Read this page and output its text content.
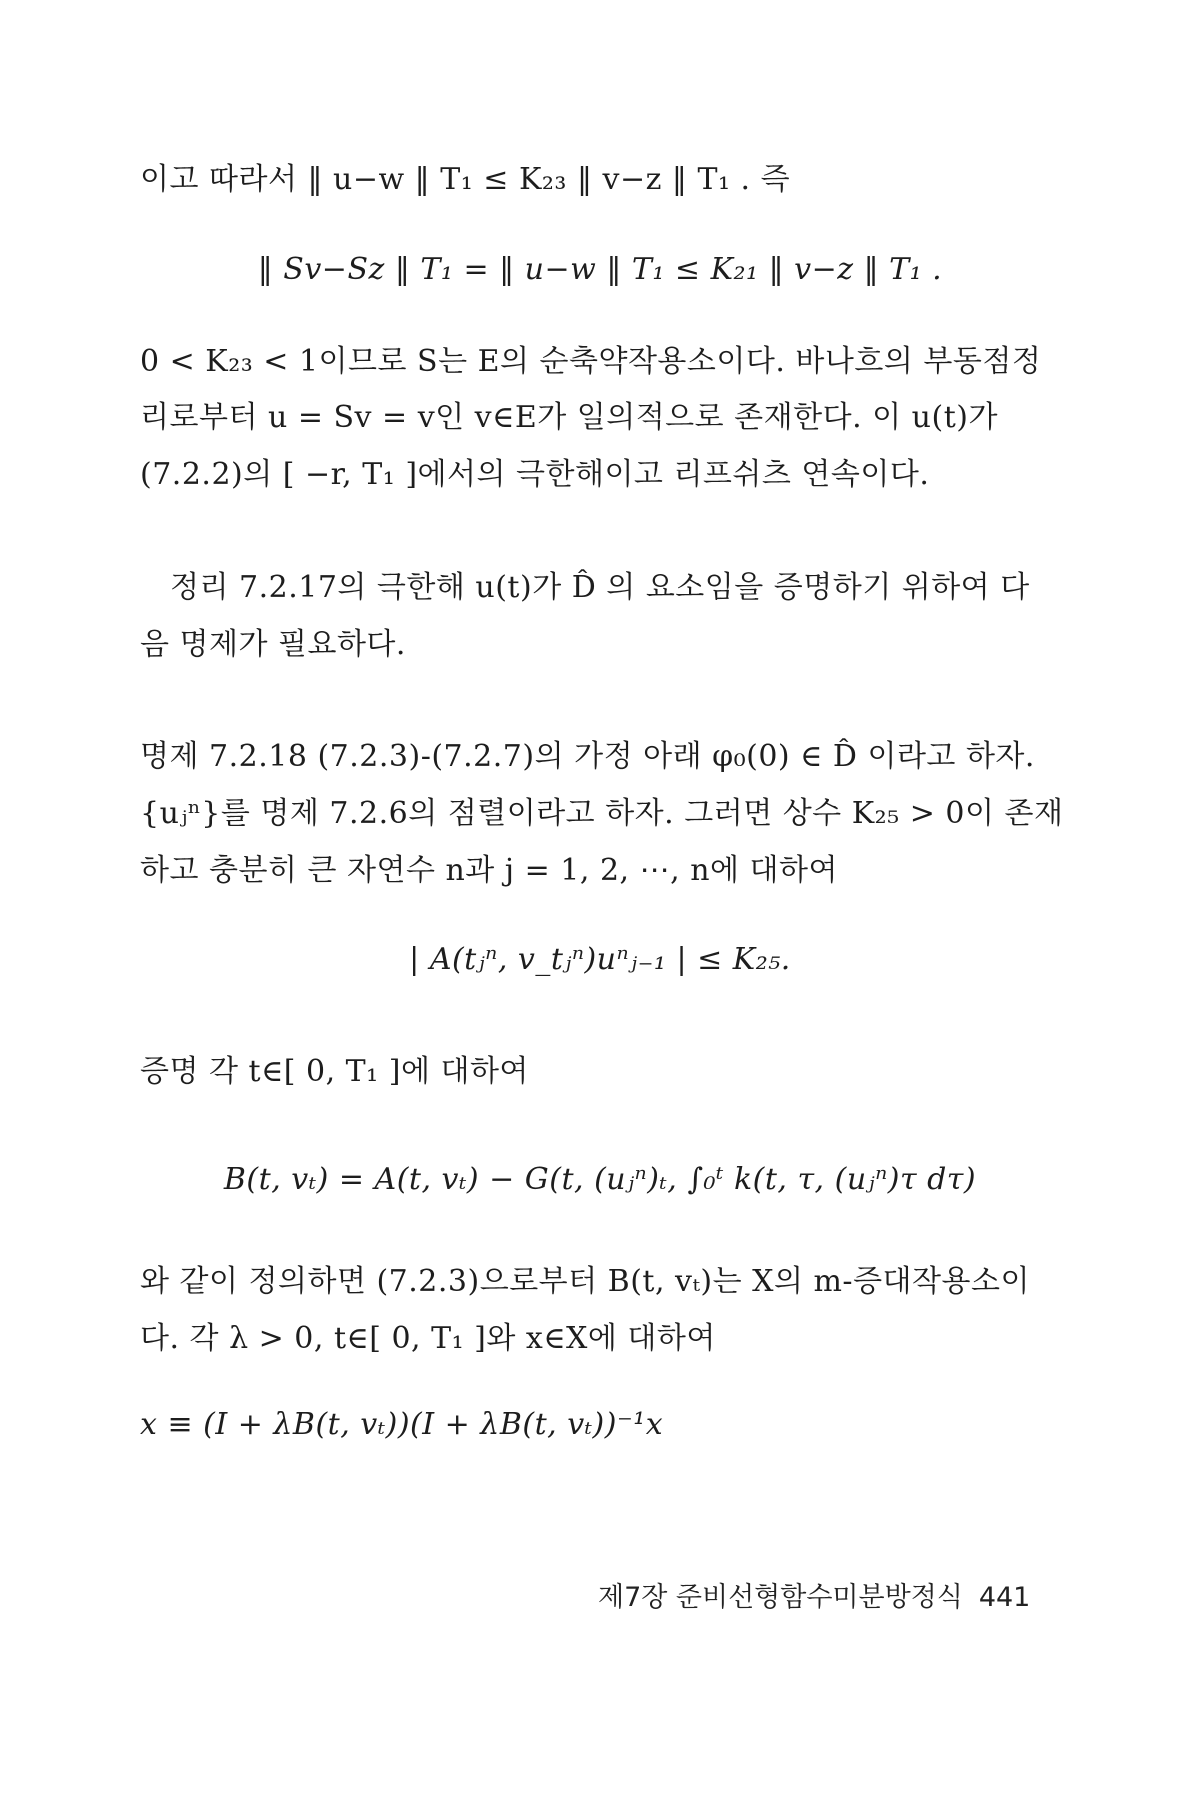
이고 따라서 ‖ u−w ‖ T₁ ≤ K₂₃ ‖ v−z ‖ T₁ . 즉
‖ Sv−Sz ‖ T₁ = ‖ u−w ‖ T₁ ≤ K₂₁ ‖ v−z ‖ T₁ .
0 < K₂₃ < 1이므로 S는 E의 순축약작용소이다. 바나흐의 부동점정
리로부터 u = Sv = v인 v∈E가 일의적으로 존재한다. 이 u(t)가
(7.2.2)의 [ −r, T₁ ]에서의 극한해이고 리프쉬츠 연속이다.
정리 7.2.17의 극한해 u(t)가 D̂ 의 요소임을 증명하기 위하여 다
음 명제가 필요하다.
명제 7.2.18 (7.2.3)-(7.2.7)의 가정 아래 φ₀(0) ∈ D̂ 이라고 하자.
{uⱼⁿ}를 명제 7.2.6의 점렬이라고 하자. 그러면 상수 K₂₅ > 0이 존재
하고 충분히 큰 자연수 n과 j = 1, 2, ⋯, n에 대하여
| A(tⱼⁿ, v_tⱼⁿ)uⁿⱼ₋₁ | ≤ K₂₅.
증명 각 t∈[ 0, T₁ ]에 대하여
B(t, vₜ) = A(t, vₜ) − G(t, (uⱼⁿ)ₜ, ∫₀ᵗ k(t, τ, (uⱼⁿ)τ dτ)
와 같이 정의하면 (7.2.3)으로부터 B(t, vₜ)는 X의 m-증대작용소이
다. 각 λ > 0, t∈[ 0, T₁ ]와 x∈X에 대하여
x ≡ (I + λB(t, vₜ))(I + λB(t, vₜ))⁻¹x
제7장 준비선형함수미분방정식 441
